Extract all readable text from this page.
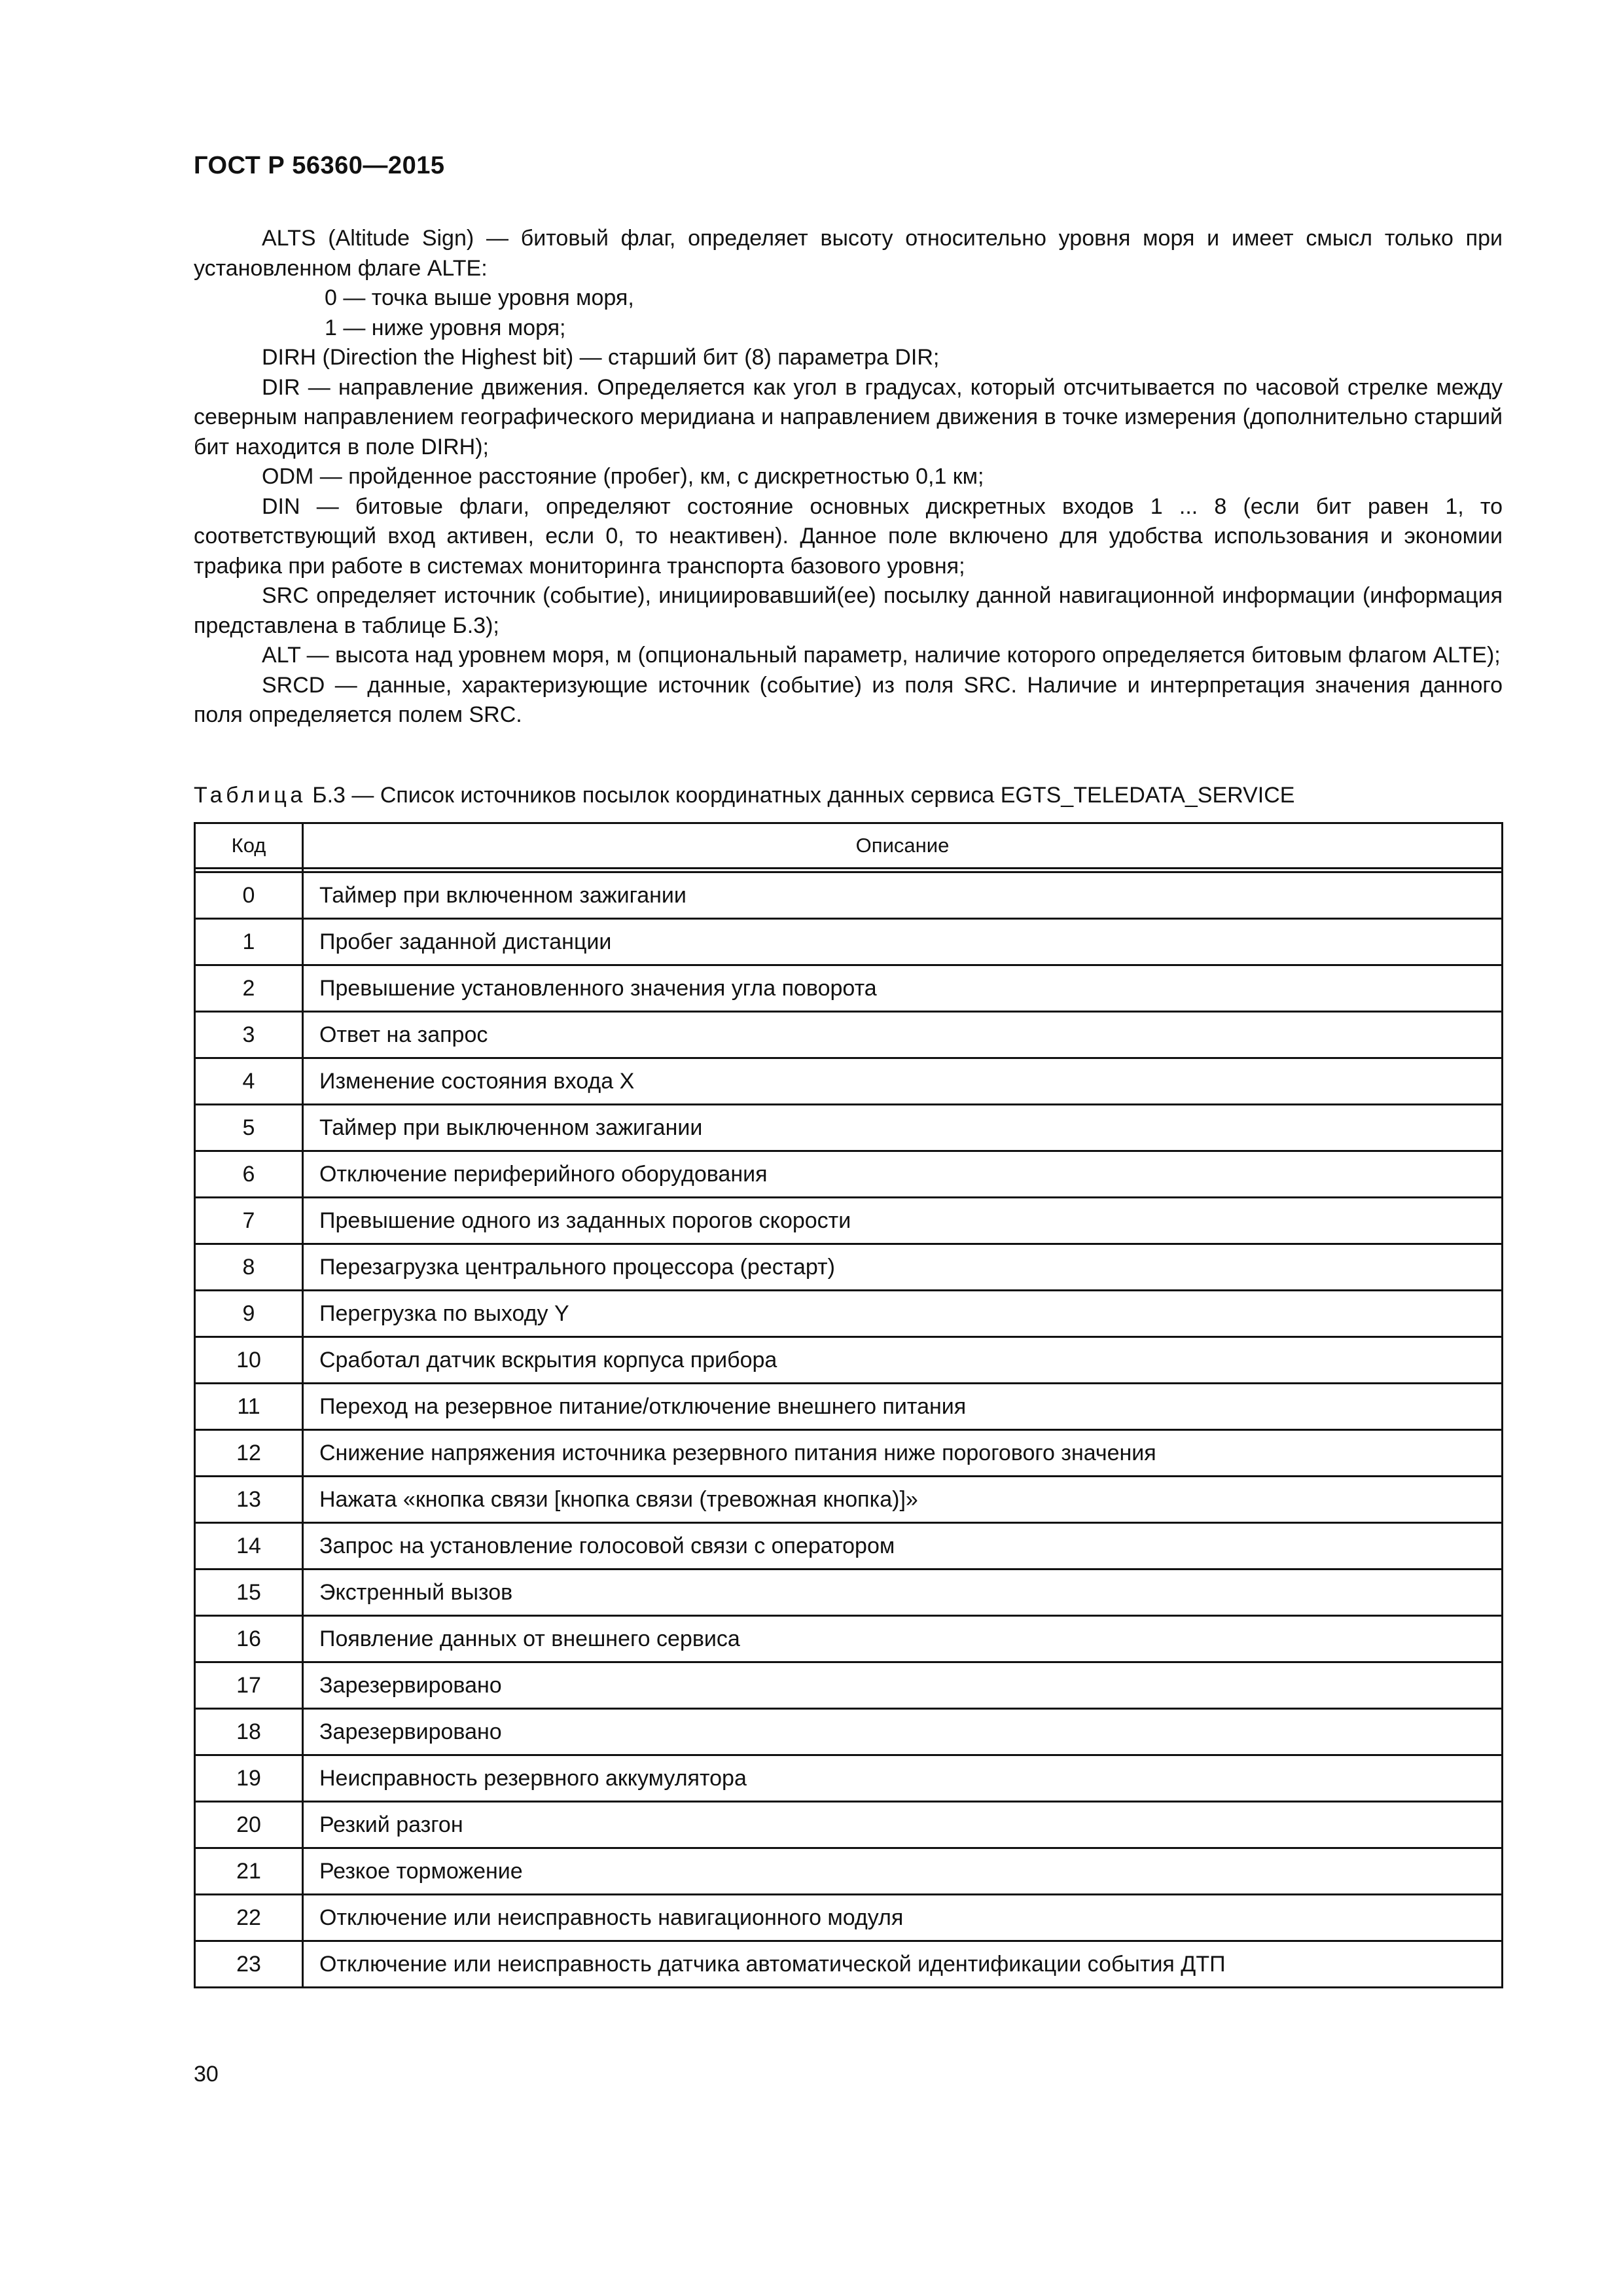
ГОСТ Р 56360—2015

ALTS (Altitude Sign) — битовый флаг, определяет высоту относительно уровня моря и имеет смысл только при установленном флаге ALTE:

0 — точка выше уровня моря,

1 — ниже уровня моря;

DIRH (Direction the Highest bit) — старший бит (8) параметра DIR;

DIR — направление движения. Определяется как угол в градусах, который отсчитывается по часовой стрелке между северным направлением географического меридиана и направлением движения в точке измерения (дополнительно старший бит находится в поле DIRH);

ODM — пройденное расстояние (пробег), км, с дискретностью 0,1 км;

DIN — битовые флаги, определяют состояние основных дискретных входов 1 ... 8 (если бит равен 1, то соответствующий вход активен, если 0, то неактивен). Данное поле включено для удобства использования и экономии трафика при работе в системах мониторинга транспорта базового уровня;

SRC определяет источник (событие), инициировавший(ее) посылку данной навигационной информации (информация представлена в таблице Б.3);

ALT — высота над уровнем моря, м (опциональный параметр, наличие которого определяется битовым флагом ALTE);

SRCD — данные, характеризующие источник (событие) из поля SRC. Наличие и интерпретация значения данного поля определяется полем SRC.

Таблица Б.3 — Список источников посылок координатных данных сервиса EGTS_TELEDATA_SERVICE
Код	Описание

0	Таймер при включенном зажигании
1	Пробег заданной дистанции
2	Превышение установленного значения угла поворота
3	Ответ на запрос
4	Изменение состояния входа X
5	Таймер при выключенном зажигании
6	Отключение периферийного оборудования
7	Превышение одного из заданных порогов скорости
8	Перезагрузка центрального процессора (рестарт)
9	Перегрузка по выходу Y
10	Сработал датчик вскрытия корпуса прибора
11	Переход на резервное питание/отключение внешнего питания
12	Снижение напряжения источника резервного питания ниже порогового значения
13	Нажата «кнопка связи [кнопка связи (тревожная кнопка)]»
14	Запрос на установление голосовой связи с оператором
15	Экстренный вызов
16	Появление данных от внешнего сервиса
17	Зарезервировано
18	Зарезервировано
19	Неисправность резервного аккумулятора
20	Резкий разгон
21	Резкое торможение
22	Отключение или неисправность навигационного модуля
23	Отключение или неисправность датчика автоматической идентификации события ДТП
30
